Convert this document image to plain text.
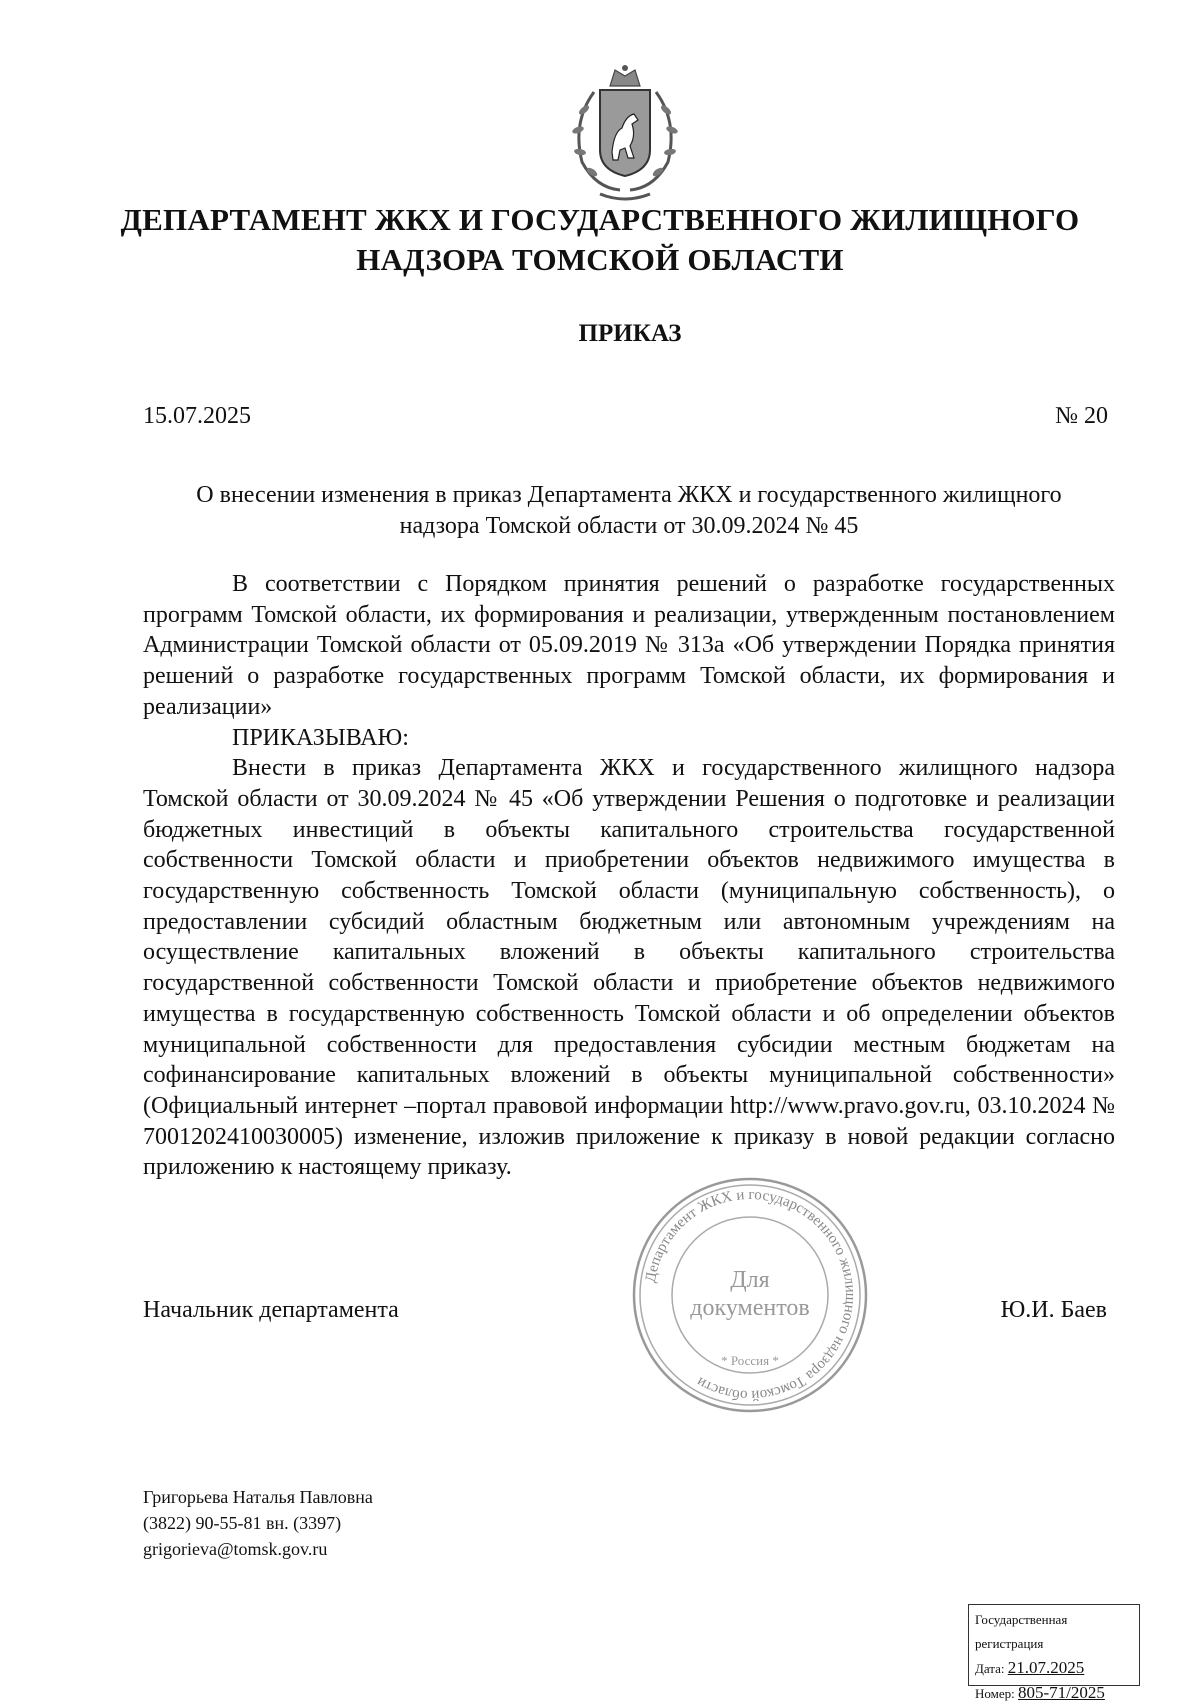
ДЕПАРТАМЕНТ ЖКХ И ГОСУДАРСТВЕННОГО ЖИЛИЩНОГО
НАДЗОРА ТОМСКОЙ ОБЛАСТИ
ПРИКАЗ
15.07.2025	№ 20
О внесении изменения в приказ Департамента ЖКХ и государственного жилищного
надзора Томской области от 30.09.2024 № 45

В соответствии с Порядком принятия решений о разработке государственных программ Томской области, их формирования и реализации, утвержденным постановлением Администрации Томской области от 05.09.2019 № 313а «Об утверждении Порядка принятия решений о разработке государственных программ Томской области, их формирования и реализации»

ПРИКАЗЫВАЮ:

Внести в приказ Департамента ЖКХ и государственного жилищного надзора Томской области от 30.09.2024 № 45 «Об утверждении Решения о подготовке и реализации бюджетных инвестиций в объекты капитального строительства государственной собственности Томской области и приобретении объектов недвижимого имущества в государственную собственность Томской области (муниципальную собственность), о предоставлении субсидий областным бюджетным или автономным учреждениям на осуществление капитальных вложений в объекты капитального строительства государственной собственности Томской области и приобретение объектов недвижимого имущества в государственную собственность Томской области и об определении объектов муниципальной собственности для предоставления субсидии местным бюджетам на софинансирование капитальных вложений в объекты муниципальной собственности» (Официальный интернет –портал правовой информации http://www.pravo.gov.ru, 03.10.2024 № 7001202410030005) изменение, изложив приложение к приказу в новой редакции согласно приложению к настоящему приказу.

Начальник департамента	Ю.И. Баев
Департамент ЖКХ и государственного жилищного надзора Томской области
Для
документов
* Россия *
Григорьева Наталья Павловна
(3822) 90-55-81 вн. (3397)
grigorieva@tomsk.gov.ru
Государственная регистрация
Дата: 21.07.2025
Номер: 805-71/2025
